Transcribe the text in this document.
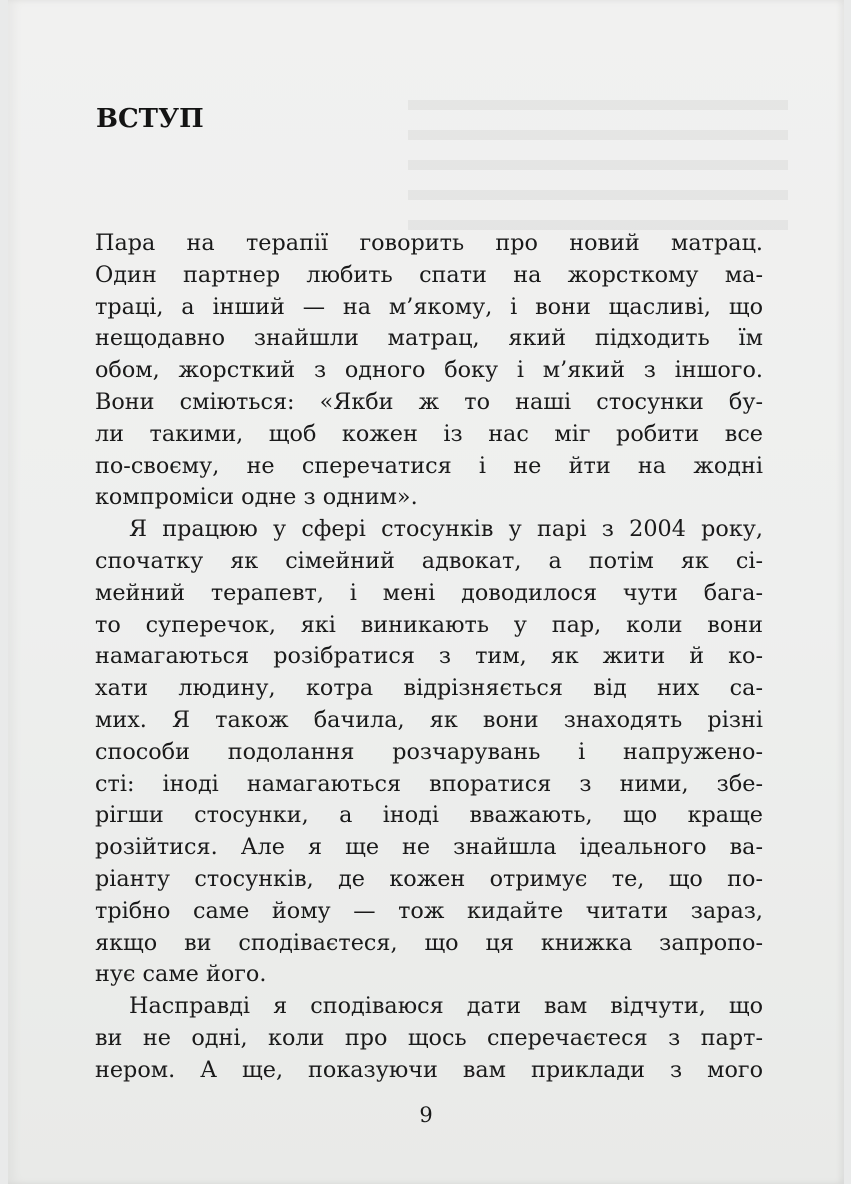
ВСТУП
Пара на терапії говорить про новий матрац.
Один партнер любить спати на жорсткому ма-
траці, а інший — на м’якому, і вони щасливі, що
нещодавно знайшли матрац, який підходить їм
обом, жорсткий з одного боку і м’який з іншого.
Вони сміються: «Якби ж то наші стосунки бу-
ли такими, щоб кожен із нас міг робити все
по-своєму, не сперечатися і не йти на жодні
компроміси одне з одним».
Я працюю у сфері стосунків у парі з 2004 року,
спочатку як сімейний адвокат, а потім як сі-
мейний терапевт, і мені доводилося чути бага-
то суперечок, які виникають у пар, коли вони
намагаються розібратися з тим, як жити й ко-
хати людину, котра відрізняється від них са-
мих. Я також бачила, як вони знаходять різні
способи подолання розчарувань і напружено-
сті: іноді намагаються впоратися з ними, збе-
рігши стосунки, а іноді вважають, що краще
розійтися. Але я ще не знайшла ідеального ва-
ріанту стосунків, де кожен отримує те, що по-
трібно саме йому — тож кидайте читати зараз,
якщо ви сподіваєтеся, що ця книжка запропо-
нує саме його.
Насправді я сподіваюся дати вам відчути, що
ви не одні, коли про щось сперечаєтеся з парт-
нером. А ще, показуючи вам приклади з мого
9
